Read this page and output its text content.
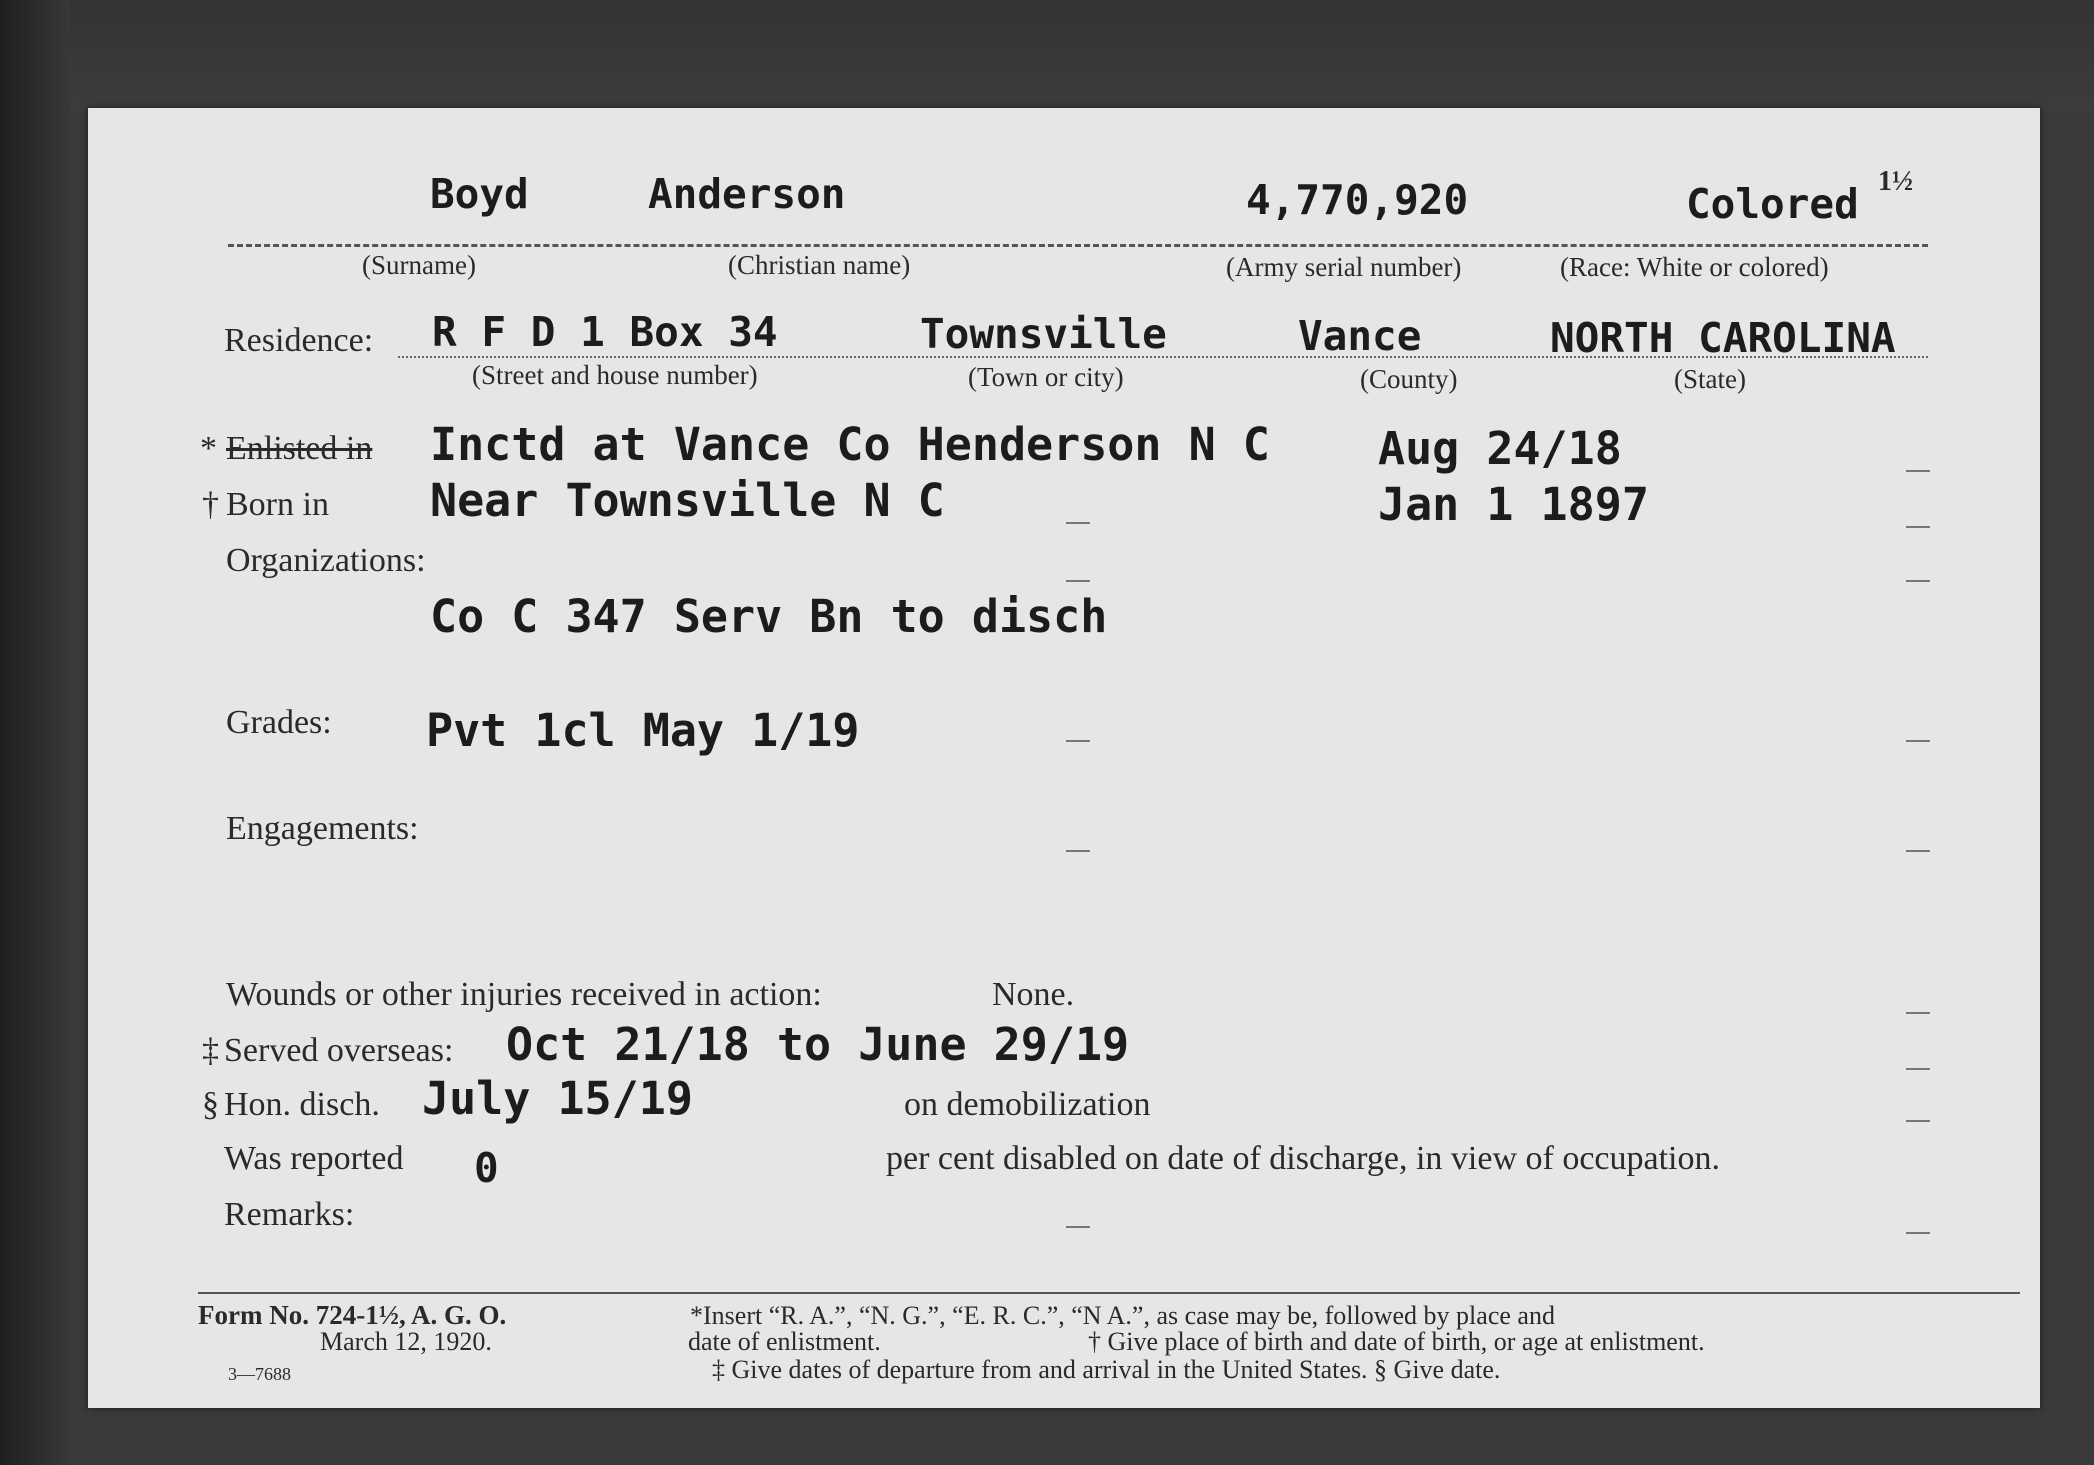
Boyd	Anderson	4,770,920	Colored 1½
(Surname)	(Christian name)	(Army serial number)	(Race: White or colored)
Residence: R F D 1 Box 34	Townsville	Vance	NORTH CAROLINA
(Street and house number)	(Town or city)	(County)	(State)
* Enlisted in Inctd at Vance Co Henderson N C Aug 24/18
† Born in Near Townsville N C	Jan 1 1897
Organizations:
Co C 347 Serv Bn to disch
Grades: Pvt 1cl May 1/19
Engagements:
Wounds or other injuries received in action:	None.
‡ Served overseas: Oct 21/18 to June 29/19
§ Hon. disch. July 15/19	on demobilization
Was reported 0	per cent disabled on date of discharge, in view of occupation.
Remarks:
Form No. 724-1½, A. G. O.
March 12, 1920.
3—7688
*Insert “R. A.”, “N. G.”, “E. R. C.”, “N A.”, as case may be, followed by place and
date of enlistment.	† Give place of birth and date of birth, or age at enlistment.
‡ Give dates of departure from and arrival in the United States. § Give date.
